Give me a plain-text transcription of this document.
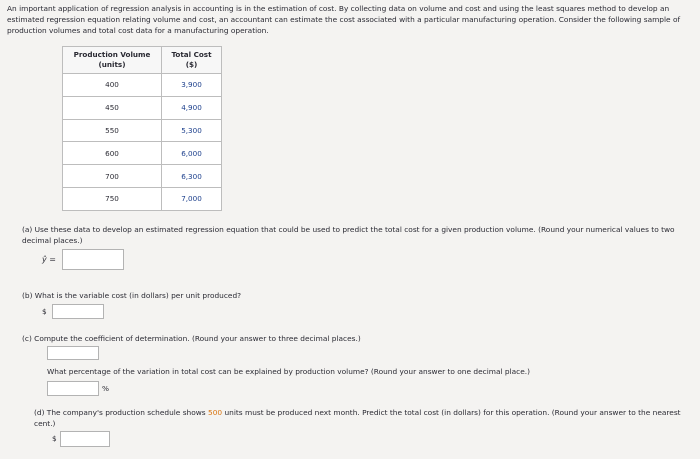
An important application of regression analysis in accounting is in the estimation of cost. By collecting data on volume and cost and using the least squares method to develop an estimated regression equation relating volume and cost, an accountant can estimate the cost associated with a particular manufacturing operation. Consider the following sample of production volumes and total cost data for a manufacturing operation.

Production Volume (units)	Total Cost ($)
400	3,900
450	4,900
550	5,300
600	6,000
700	6,300
750	7,000

(a) Use these data to develop an estimated regression equation that could be used to predict the total cost for a given production volume. (Round your numerical values to two decimal places.)

ŷ =

(b) What is the variable cost (in dollars) per unit produced?

$

(c) Compute the coefficient of determination. (Round your answer to three decimal places.)

What percentage of the variation in total cost can be explained by production volume? (Round your answer to one decimal place.)

%

(d) The company's production schedule shows 500 units must be produced next month. Predict the total cost (in dollars) for this operation. (Round your answer to the nearest cent.)

$
